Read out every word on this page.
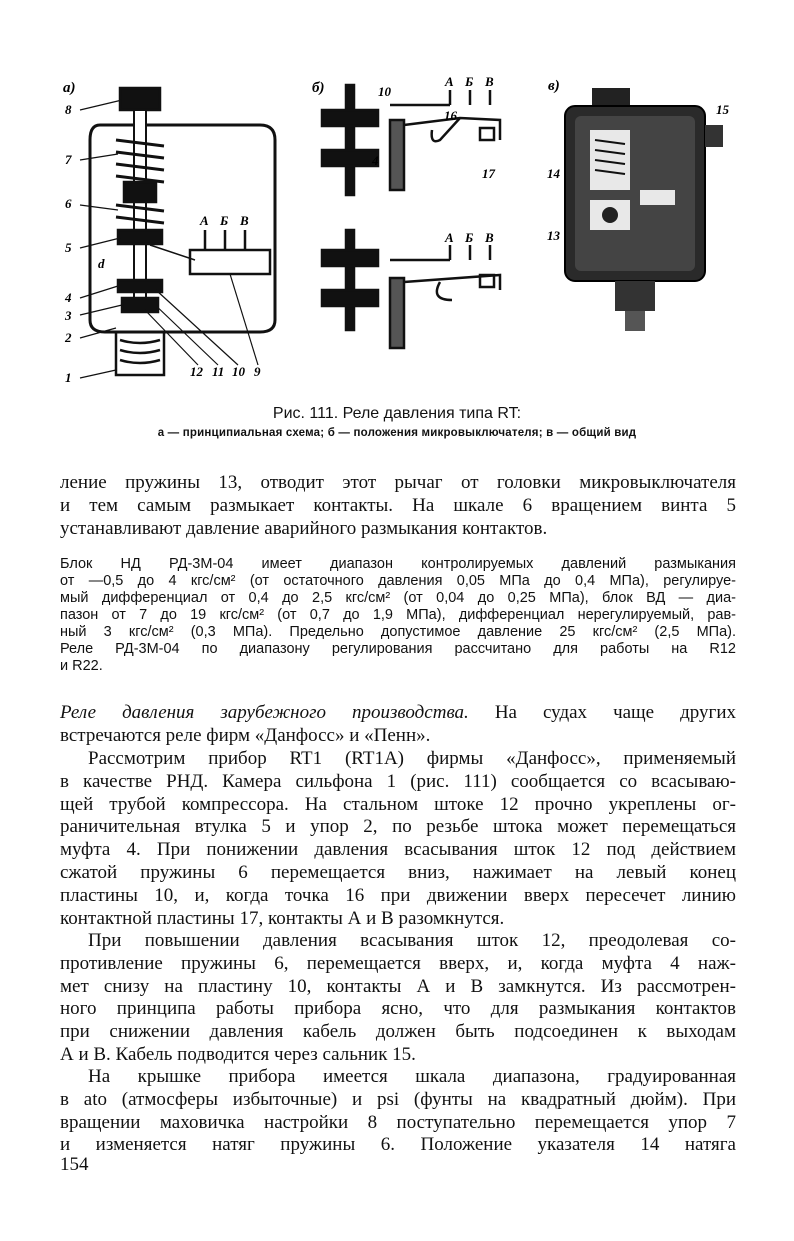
а)
8
7
6
5
d
4
3
2
1	12 11 10 9
А Б В
б)	10
16
4
17
А Б В
А Б В
в)
15
14
13
Рис. 111. Реле давления типа RT:
а — принципиальная схема; б — положения микровыключателя; в — общий вид
ление пружины 13, отводит этот рычаг от головки микровыключателя
и тем самым размыкает контакты. На шкале 6 вращением винта 5
устанавливают давление аварийного размыкания контактов.
Блок НД РД-3М-04 имеет диапазон контролируемых давлений размыкания
от —0,5 до 4 кгс/см² (от остаточного давления 0,05 МПа до 0,4 МПа), регулируе-
мый дифференциал от 0,4 до 2,5 кгс/см² (от 0,04 до 0,25 МПа), блок ВД — диа-
пазон от 7 до 19 кгс/см² (от 0,7 до 1,9 МПа), дифференциал нерегулируемый, рав-
ный 3 кгс/см² (0,3 МПа). Предельно допустимое давление 25 кгс/см² (2,5 МПа).
Реле РД-3М-04 по диапазону регулирования рассчитано для работы на R12
и R22.
Реле давления зарубежного производства. На судах чаще других
встречаются реле фирм «Данфосс» и «Пенн».
Рассмотрим прибор RT1 (RT1A) фирмы «Данфосс», применяемый
в качестве РНД. Камера сильфона 1 (рис. 111) сообщается со всасываю-
щей трубой компрессора. На стальном штоке 12 прочно укреплены ог-
раничительная втулка 5 и упор 2, по резьбе штока может перемещаться
муфта 4. При понижении давления всасывания шток 12 под действием
сжатой пружины 6 перемещается вниз, нажимает на левый конец
пластины 10, и, когда точка 16 при движении вверх пересечет линию
контактной пластины 17, контакты А и В разомкнутся.
При повышении давления всасывания шток 12, преодолевая со-
противление пружины 6, перемещается вверх, и, когда муфта 4 наж-
мет снизу на пластину 10, контакты А и В замкнутся. Из рассмотрен-
ного принципа работы прибора ясно, что для размыкания контактов
при снижении давления кабель должен быть подсоединен к выходам
А и В. Кабель подводится через сальник 15.
На крышке прибора имеется шкала диапазона, градуированная
в ato (атмосферы избыточные) и psi (фунты на квадратный дюйм). При
вращении маховичка настройки 8 поступательно перемещается упор 7
и изменяется натяг пружины 6. Положение указателя 14 натяга
154
